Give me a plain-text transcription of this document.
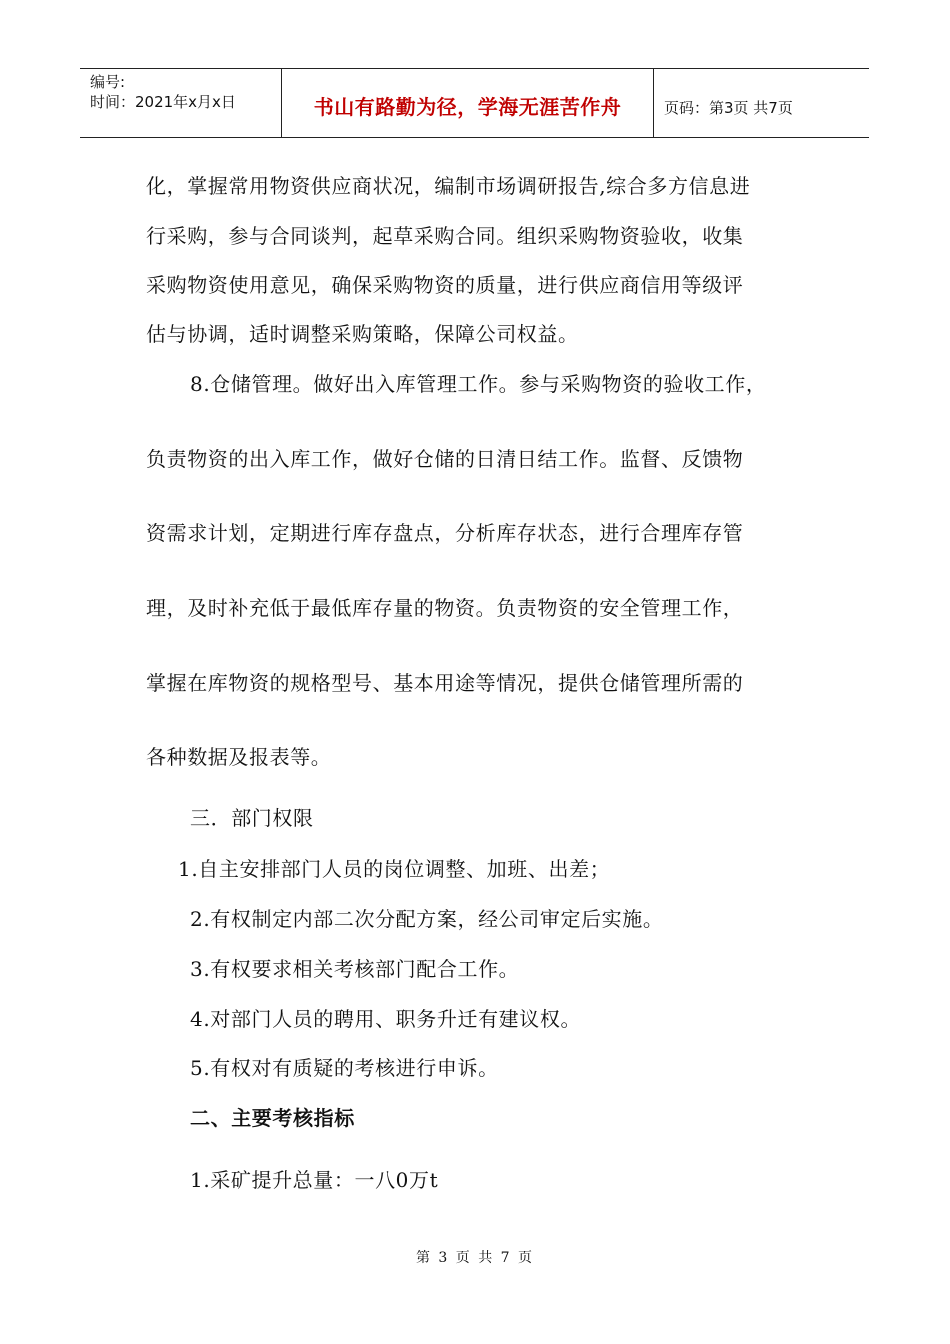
编号:
时间：2021年x月x日	书山有路勤为径，学海无涯苦作舟	页码：第3页 共7页
化，掌握常用物资供应商状况，编制市场调研报告,综合多方信息进
行采购，参与合同谈判，起草采购合同。组织采购物资验收，收集
采购物资使用意见，确保采购物资的质量，进行供应商信用等级评
估与协调，适时调整采购策略，保障公司权益。
8.仓储管理。做好出入库管理工作。参与采购物资的验收工作，
负责物资的出入库工作，做好仓储的日清日结工作。监督、反馈物
资需求计划，定期进行库存盘点，分析库存状态，进行合理库存管
理，及时补充低于最低库存量的物资。负责物资的安全管理工作，
掌握在库物资的规格型号、基本用途等情况，提供仓储管理所需的
各种数据及报表等。
三．部门权限
1.自主安排部门人员的岗位调整、加班、出差；
2.有权制定内部二次分配方案，经公司审定后实施。
3.有权要求相关考核部门配合工作。
4.对部门人员的聘用、职务升迁有建议权。
5.有权对有质疑的考核进行申诉。
二、主要考核指标
1.采矿提升总量：一八0万t
第 3 页 共 7 页
